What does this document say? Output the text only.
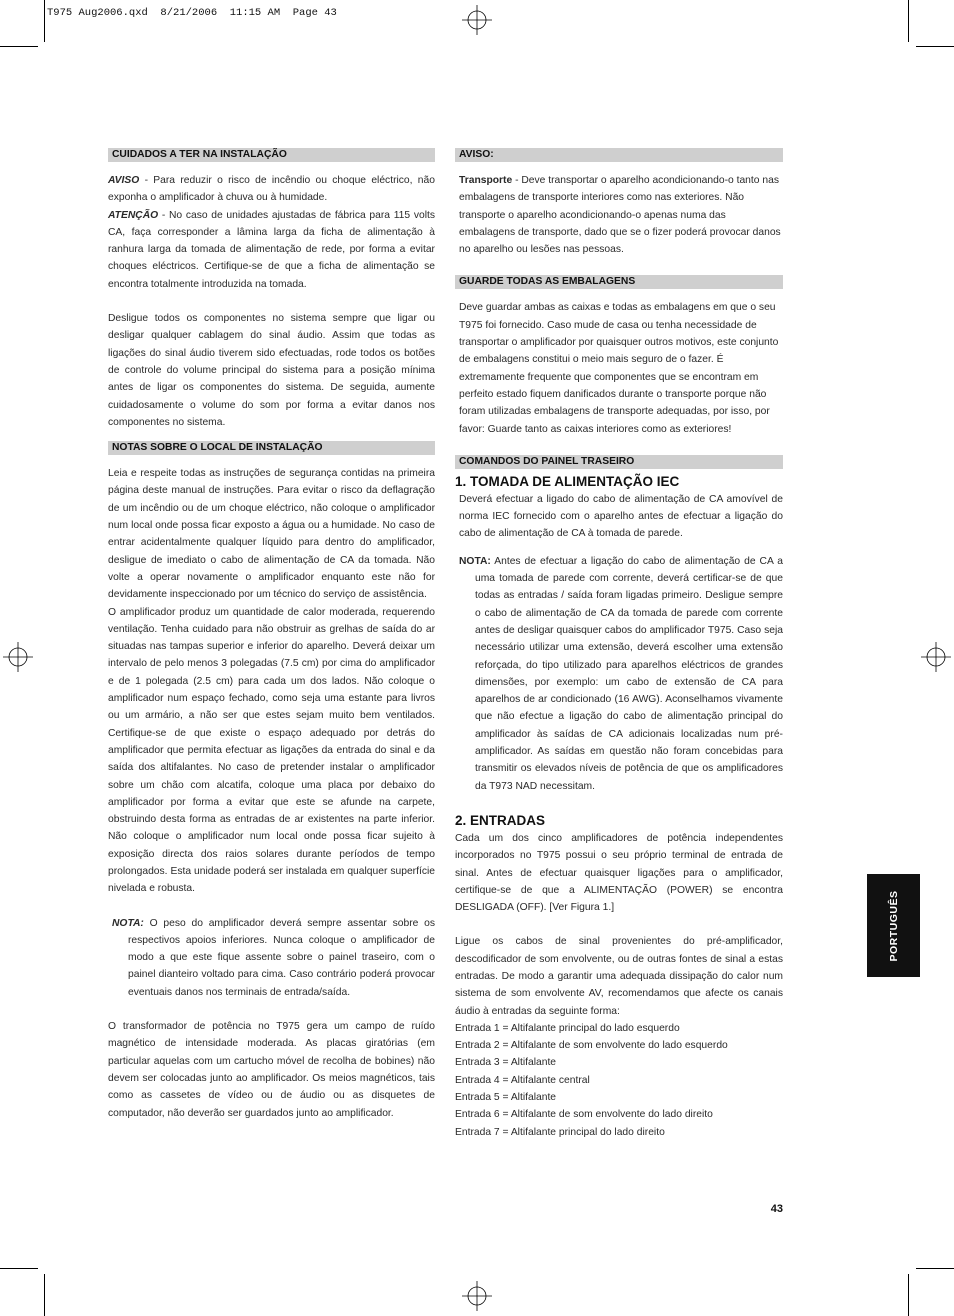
T975 Aug2006.qxd  8/21/2006  11:15 AM  Page 43
CUIDADOS A TER NA INSTALAÇÃO

AVISO - Para reduzir o risco de incêndio ou choque eléctrico, não exponha o amplificador à chuva ou à humidade.

ATENÇÃO - No caso de unidades ajustadas de fábrica para 115 volts CA, faça corresponder a lâmina larga da ficha de alimentação à ranhura larga da tomada de alimentação de rede, por forma a evitar choques eléctricos. Certifique-se de que a ficha de alimentação se encontra totalmente introduzida na tomada.

Desligue todos os componentes no sistema sempre que ligar ou desligar qualquer cablagem do sinal áudio. Assim que todas as ligações do sinal áudio tiverem sido efectuadas, rode todos os botões de controle do volume principal do sistema para a posição mínima antes de ligar os componentes do sistema. De seguida, aumente cuidadosamente o volume do som por forma a evitar danos nos componentes no sistema.

NOTAS SOBRE O LOCAL DE INSTALAÇÃO

Leia e respeite todas as instruções de segurança contidas na primeira página deste manual de instruções. Para evitar o risco da deflagração de um incêndio ou de um choque eléctrico, não coloque o amplificador num local onde possa ficar exposto a água ou a humidade. No caso de entrar acidentalmente qualquer líquido para dentro do amplificador, desligue de imediato o cabo de alimentação de CA da tomada. Não volte a operar novamente o amplificador enquanto este não for devidamente inspeccionado por um técnico do serviço de assistência.

O amplificador produz um quantidade de calor moderada, requerendo ventilação. Tenha cuidado para não obstruir as grelhas de saída do ar situadas nas tampas superior e inferior do aparelho. Deverá deixar um intervalo de pelo menos 3 polegadas (7.5 cm) por cima do amplificador e de 1 polegada (2.5 cm) para cada um dos lados. Não coloque o amplificador num espaço fechado, como seja uma estante para livros ou um armário, a não ser que estes sejam muito bem ventilados. Certifique-se de que existe o espaço adequado por detrás do amplificador que permita efectuar as ligações da entrada do sinal e da saída dos altifalantes. No caso de pretender instalar o amplificador sobre um chão com alcatifa, coloque uma placa por debaixo do amplificador por forma a evitar que este se afunde na carpete, obstruindo desta forma as entradas de ar existentes na parte inferior. Não coloque o amplificador num local onde possa ficar sujeito à exposição directa dos raios solares durante períodos de tempo prolongados. Esta unidade poderá ser instalada em qualquer superfície nivelada e robusta.

NOTA: O peso do amplificador deverá sempre assentar sobre os respectivos apoios inferiores. Nunca coloque o amplificador de modo a que este fique assente sobre o painel traseiro, com o painel dianteiro voltado para cima. Caso contrário poderá provocar eventuais danos nos terminais de entrada/saída.

O transformador de potência no T975 gera um campo de ruído magnético de intensidade moderada. As placas giratórias (em particular aquelas com um cartucho móvel de recolha de bobines) não devem ser colocadas junto ao amplificador. Os meios magnéticos, tais como as cassetes de vídeo ou de áudio ou as disquetes de computador, não deverão ser guardados junto ao amplificador.

AVISO:

Transporte - Deve transportar o aparelho acondicionando-o tanto nas embalagens de transporte interiores como nas exteriores. Não transporte o aparelho acondicionando-o apenas numa das embalagens de transporte, dado que se o fizer poderá provocar danos no aparelho ou lesões nas pessoas.

GUARDE TODAS AS EMBALAGENS

Deve guardar ambas as caixas e todas as embalagens em que o seu T975 foi fornecido. Caso mude de casa ou tenha necessidade de transportar o amplificador por quaisquer outros motivos, este conjunto de embalagens constitui o meio mais seguro de o fazer. É extremamente frequente que componentes que se encontram em perfeito estado fiquem danificados durante o transporte porque não foram utilizadas embalagens de transporte adequadas, por isso, por favor: Guarde tanto as caixas interiores como as exteriores!

COMANDOS DO PAINEL TRASEIRO
1. TOMADA DE ALIMENTAÇÃO IEC

Deverá efectuar a ligado do cabo de alimentação de CA amovível de norma IEC fornecido com o aparelho antes de efectuar a ligação do cabo de alimentação de CA à tomada de parede.

NOTA: Antes de efectuar a ligação do cabo de alimentação de CA a uma tomada de parede com corrente, deverá certificar-se de que todas as entradas / saída foram ligadas primeiro. Desligue sempre o cabo de alimentação de CA da tomada de parede com corrente antes de desligar quaisquer cabos do amplificador T975. Caso seja necessário utilizar uma extensão, deverá escolher uma extensão reforçada, do tipo utilizado para aparelhos eléctricos de grandes dimensões, por exemplo: um cabo de extensão de CA para aparelhos de ar condicionado (16 AWG). Aconselhamos vivamente que não efectue a ligação do cabo de alimentação principal do amplificador às saídas de CA adicionais localizadas num pré-amplificador. As saídas em questão não foram concebidas para transmitir os elevados níveis de potência de que os amplificadores da T973 NAD necessitam.

2. ENTRADAS

Cada um dos cinco amplificadores de potência independentes incorporados no T975 possui o seu próprio terminal de entrada de sinal. Antes de efectuar quaisquer ligações para o amplificador, certifique-se de que a ALIMENTAÇÃO (POWER) se encontra DESLIGADA (OFF). [Ver Figura 1.]

Ligue os cabos de sinal provenientes do pré-amplificador, descodificador de som envolvente, ou de outras fontes de sinal a estas entradas. De modo a garantir uma adequada dissipação do calor num sistema de som envolvente AV, recomendamos que afecte os canais áudio à entradas da seguinte forma:

Entrada 1 = Altifalante principal do lado esquerdo
Entrada 2 = Altifalante de som envolvente do lado esquerdo
Entrada 3 = Altifalante
Entrada 4 = Altifalante central
Entrada 5 = Altifalante
Entrada 6 = Altifalante de som envolvente do lado direito
Entrada 7 = Altifalante principal do lado direito
PORTUGUÊS
43
